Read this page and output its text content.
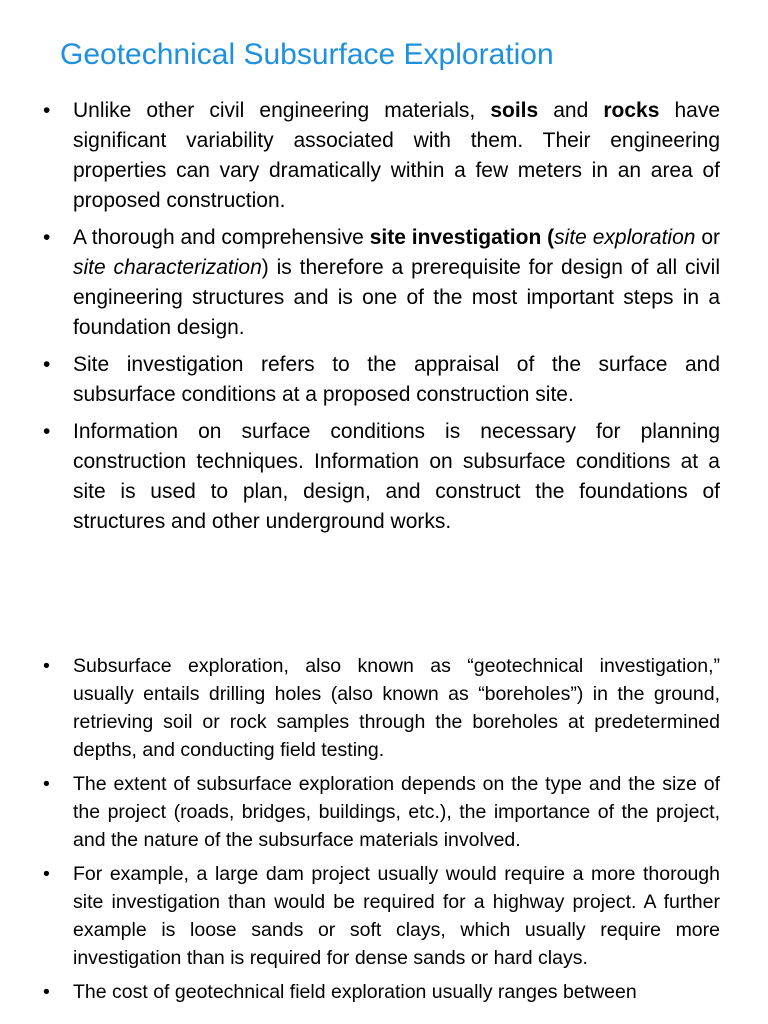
Geotechnical Subsurface Exploration
• Unlike other civil engineering materials, soils and rocks have significant variability associated with them. Their engineering properties can vary dramatically within a few meters in an area of proposed construction.
• A thorough and comprehensive site investigation (site exploration or site characterization) is therefore a prerequisite for design of all civil engineering structures and is one of the most important steps in a foundation design.
• Site investigation refers to the appraisal of the surface and subsurface conditions at a proposed construction site.
• Information on surface conditions is necessary for planning construction techniques. Information on subsurface conditions at a site is used to plan, design, and construct the foundations of structures and other underground works.
• Subsurface exploration, also known as “geotechnical investigation,” usually entails drilling holes (also known as “boreholes”) in the ground, retrieving soil or rock samples through the boreholes at predetermined depths, and conducting field testing.
• The extent of subsurface exploration depends on the type and the size of the project (roads, bridges, buildings, etc.), the importance of the project, and the nature of the subsurface materials involved.
• For example, a large dam project usually would require a more thorough site investigation than would be required for a highway project. A further example is loose sands or soft clays, which usually require more investigation than is required for dense sands or hard clays.
• The cost of geotechnical field exploration usually ranges between
